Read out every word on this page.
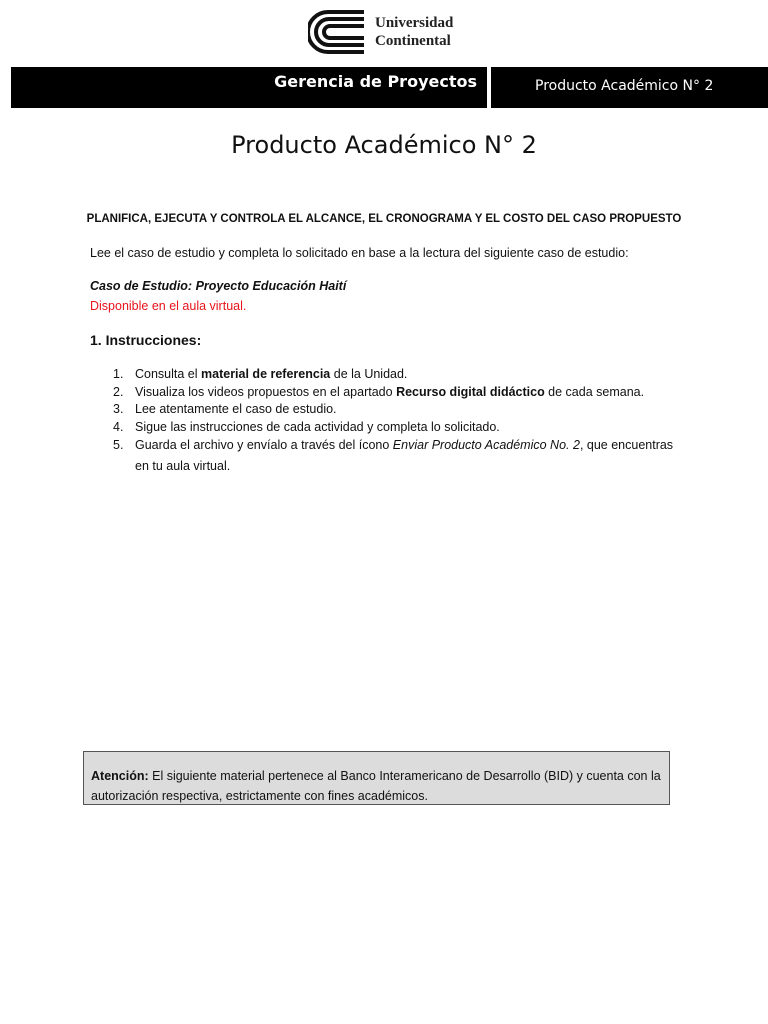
Universidad
Continental
Gerencia de Proyectos	Producto Académico N° 2
Producto Académico N° 2
PLANIFICA, EJECUTA Y CONTROLA EL ALCANCE, EL CRONOGRAMA Y EL COSTO DEL CASO PROPUESTO
Lee el caso de estudio y completa lo solicitado en base a la lectura del siguiente caso de estudio:
Caso de Estudio: Proyecto Educación Haití
Disponible en el aula virtual.
1. Instrucciones:
1. Consulta el material de referencia de la Unidad.
2. Visualiza los videos propuestos en el apartado Recurso digital didáctico de cada semana.
3. Lee atentamente el caso de estudio.
4. Sigue las instrucciones de cada actividad y completa lo solicitado.
5. Guarda el archivo y envíalo a través del ícono Enviar Producto Académico No. 2, que encuentras
en tu aula virtual.
Atención: El siguiente material pertenece al Banco Interamericano de Desarrollo (BID) y cuenta con la autorización respectiva, estrictamente con fines académicos.
